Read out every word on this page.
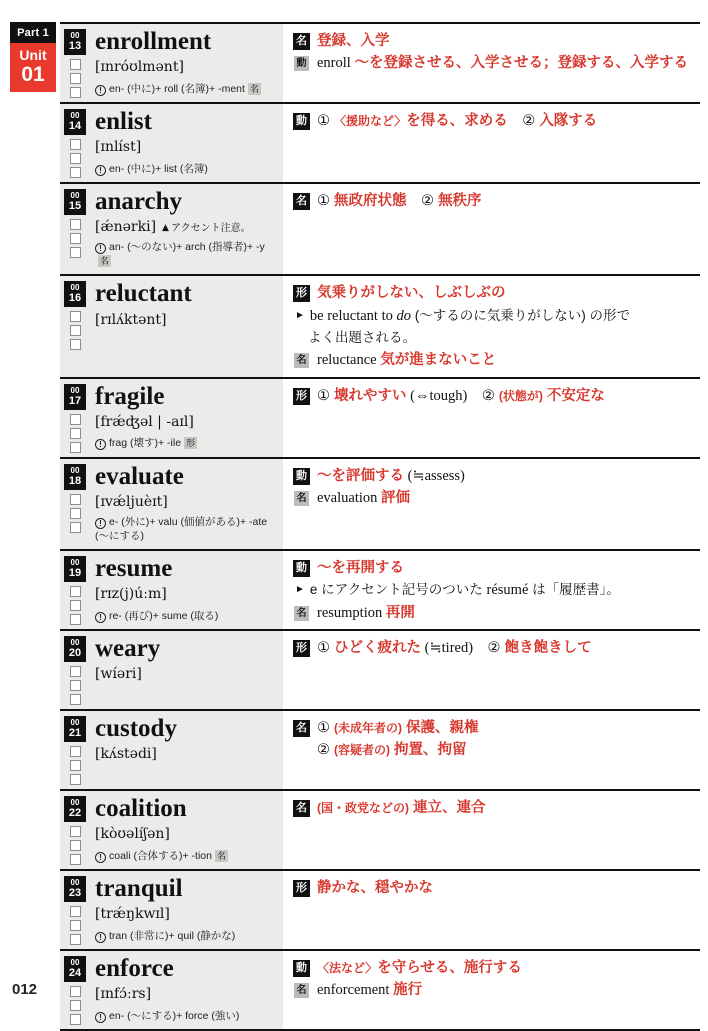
Part 1
Unit
01
00
13 enrollment
[ɪnróʊlmənt]
! en- (中に)+ roll (名簿)+ -ment 名
名 登録、入学
動 enroll ～を登録させる、入学させる；登録する、入学する
00
14 enlist
[ɪnlíst]
! en- (中に)+ list (名簿)
動 ① 〈援助など〉を得る、求める　② 入隊する
00
15 anarchy
[ǽnərki] ▲ アクセント注意。
! an- (～のない)+ arch (指導者)+ -y名
名 ① 無政府状態　② 無秩序
00
16 reluctant
[rɪlʌ́ktənt]
形 気乗りがしない、しぶしぶの
► be reluctant to do (～するのに気乗りがしない) の形で
よく出題される。
名 reluctance 気が進まないこと
00
17 fragile
[frǽʤəl | -aɪl]
! frag (壊す)+ -ile 形
形 ① 壊れやすい (⇔tough)　② (状態が) 不安定な
00
18 evaluate
[ɪvǽljuèɪt]
! e- (外に)+ valu (価値がある)+ -ate (～にする)
動 ～を評価する (≒assess)
名 evaluation 評価
00
19 resume
[rɪz(j)úːm]
! re- (再び)+ sume (取る)
動 ～を再開する
► e にアクセント記号のついた résumé は「履歴書」。
名 resumption 再開
00
20 weary
[wíəri]
形 ① ひどく疲れた (≒tired)　② 飽き飽きして
00
21 custody
[kʌ́stədi]
名 ① (未成年者の) 保護、親権
② (容疑者の) 拘置、拘留
00
22 coalition
[kòʊəlíʃən]
! coali (合体する)+ -tion 名
名 (国・政党などの) 連立、連合
00
23 tranquil
[trǽŋkwɪl]
! tran (非常に)+ quil (静かな)
形 静かな、穏やかな
00
24 enforce
[ɪnfɔ́ːrs]
! en- (～にする)+ force (強い)
動 〈法など〉を守らせる、施行する
名 enforcement 施行
012
